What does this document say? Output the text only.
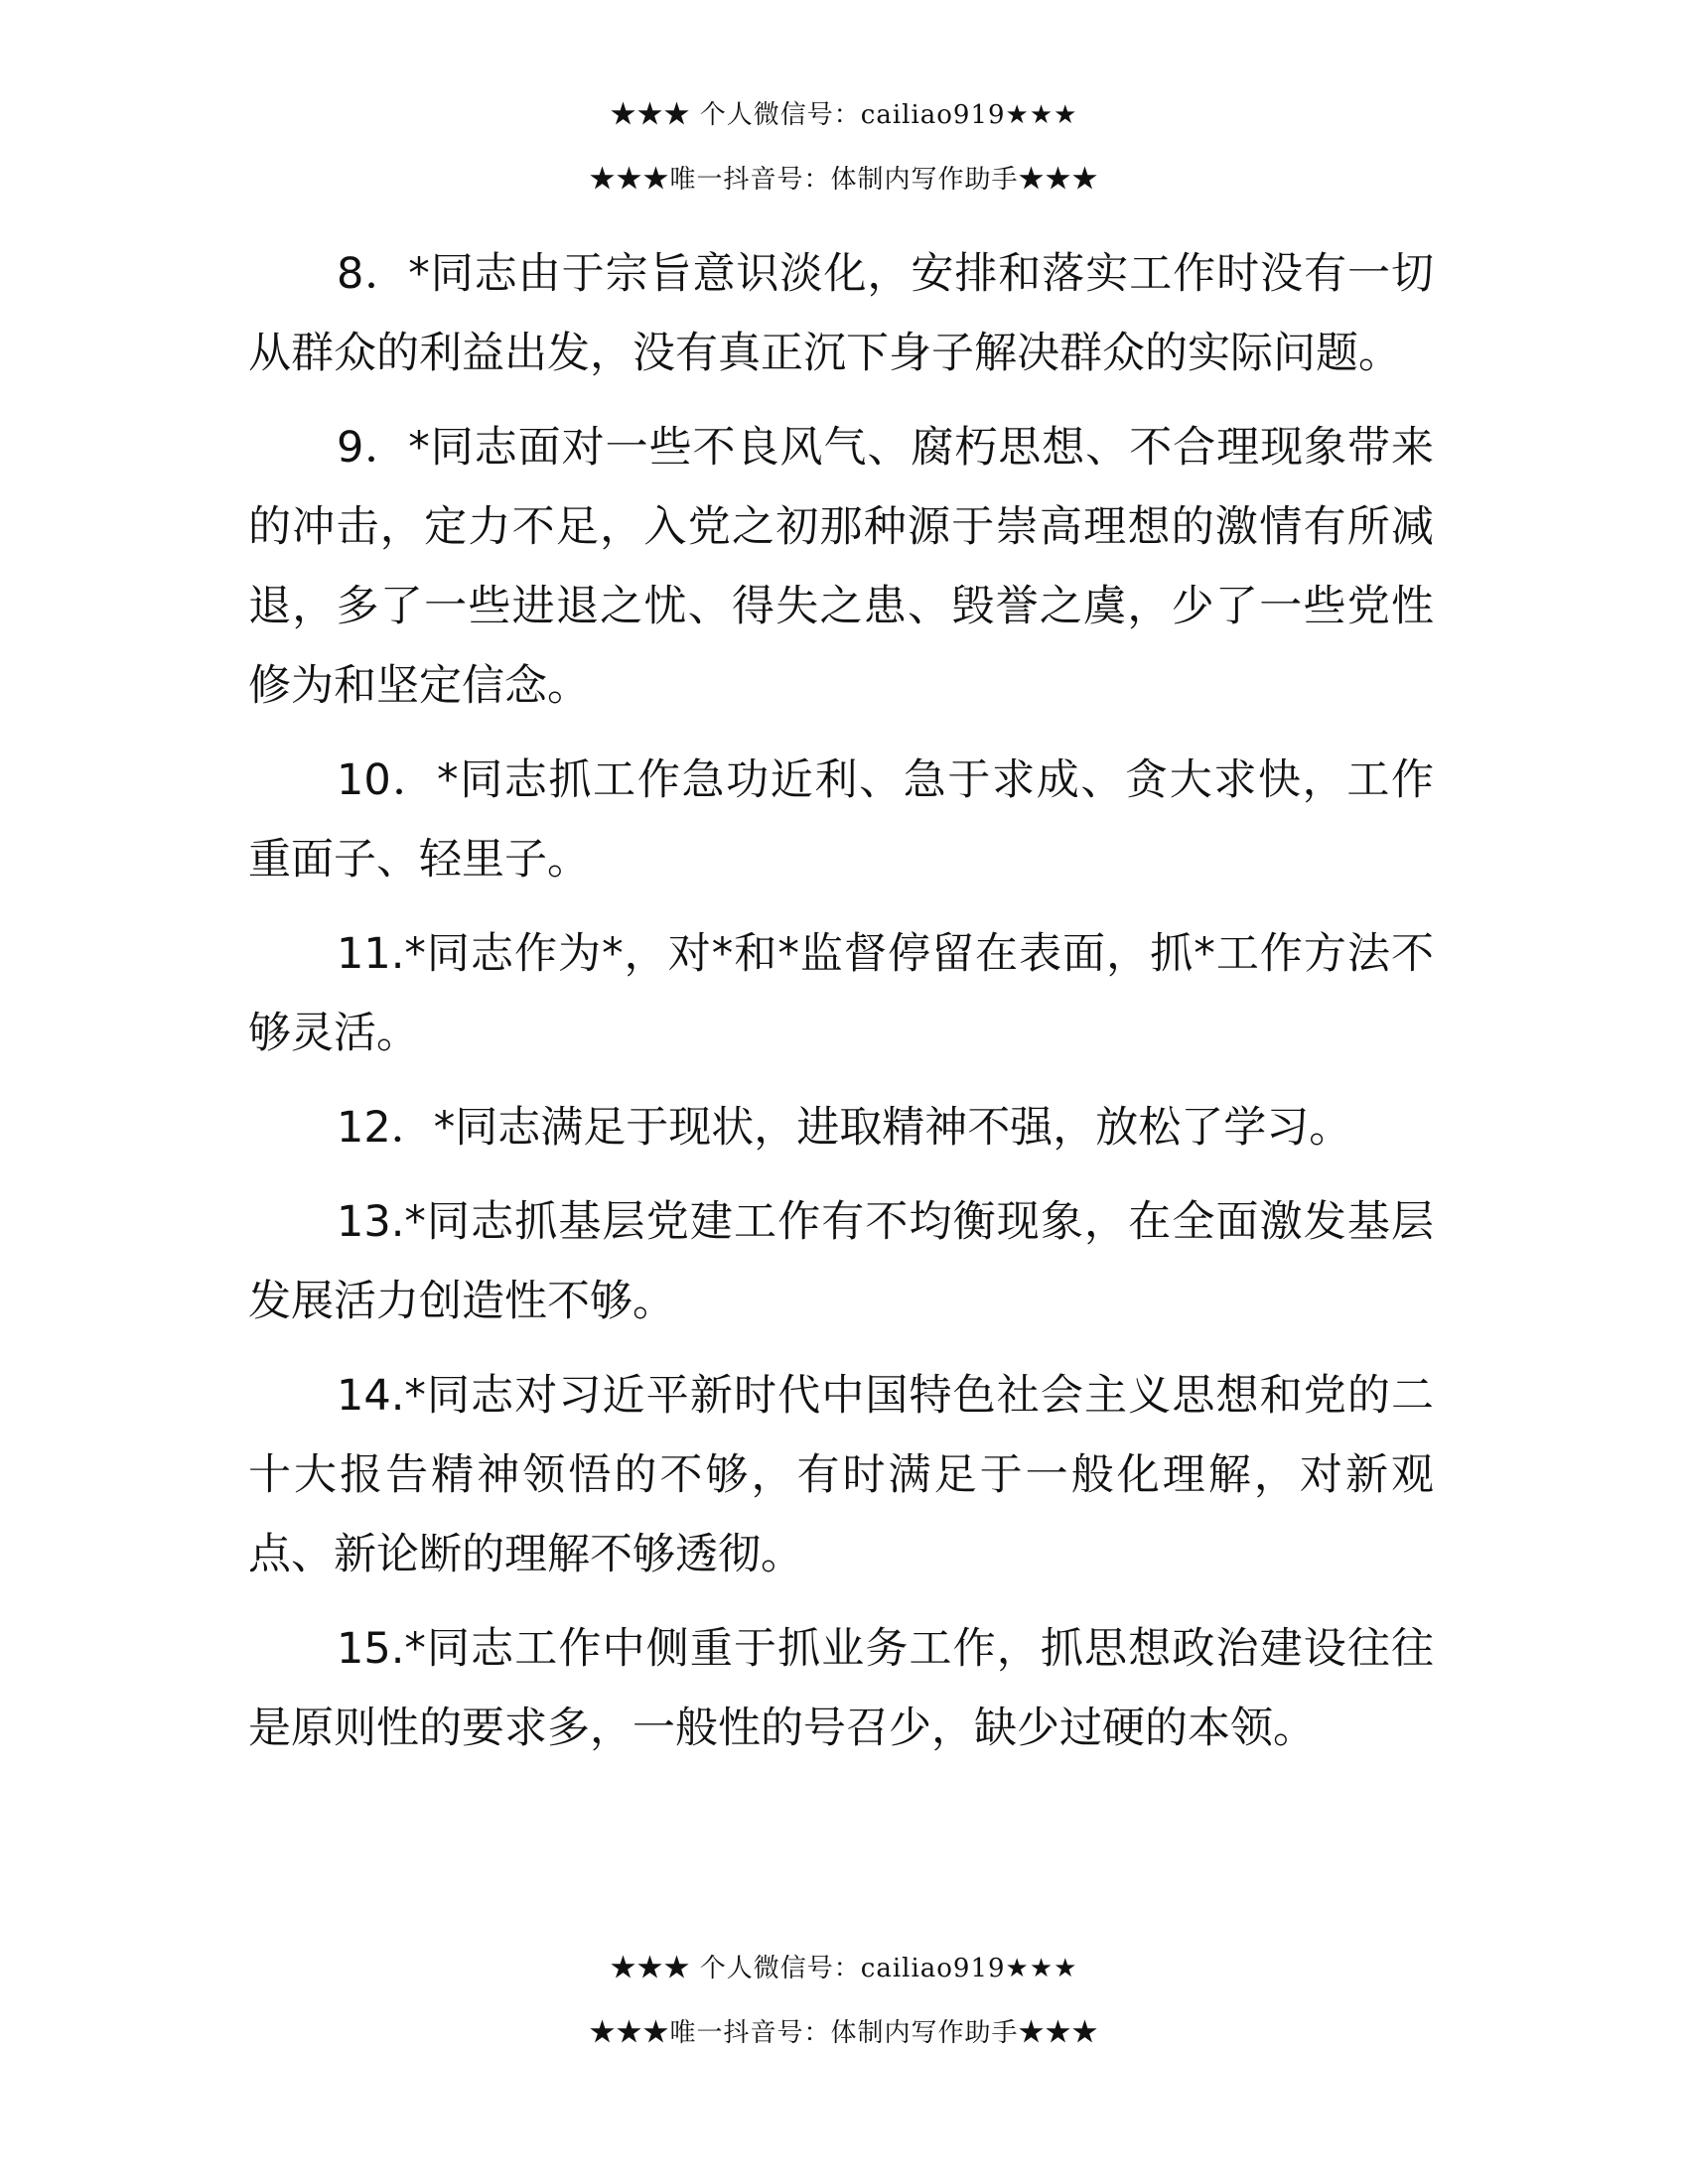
★★★ 个人微信号：cailiao919★★★
★★★唯一抖音号：体制内写作助手★★★

8．*同志由于宗旨意识淡化，安排和落实工作时没有一切从群众的利益出发，没有真正沉下身子解决群众的实际问题。

9．*同志面对一些不良风气、腐朽思想、不合理现象带来的冲击，定力不足，入党之初那种源于崇高理想的激情有所减退，多了一些进退之忧、得失之患、毁誉之虞，少了一些党性修为和坚定信念。

10．*同志抓工作急功近利、急于求成、贪大求快，工作重面子、轻里子。

11.*同志作为*，对*和*监督停留在表面，抓*工作方法不够灵活。

12．*同志满足于现状，进取精神不强，放松了学习。

13.*同志抓基层党建工作有不均衡现象，在全面激发基层发展活力创造性不够。

14.*同志对习近平新时代中国特色社会主义思想和党的二十大报告精神领悟的不够，有时满足于一般化理解，对新观点、新论断的理解不够透彻。

15.*同志工作中侧重于抓业务工作，抓思想政治建设往往是原则性的要求多，一般性的号召少，缺少过硬的本领。

★★★ 个人微信号：cailiao919★★★
★★★唯一抖音号：体制内写作助手★★★
